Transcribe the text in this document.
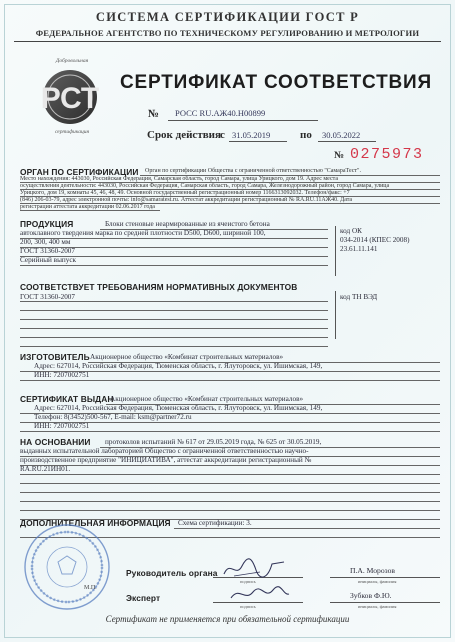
СИСТЕМА СЕРТИФИКАЦИИ ГОСТ Р
ФЕДЕРАЛЬНОЕ АГЕНТСТВО ПО ТЕХНИЧЕСКОМУ РЕГУЛИРОВАНИЮ И МЕТРОЛОГИИ
Добровольная
РСТ
сертификация
СЕРТИФИКАТ СООТВЕТСТВИЯ
№ РОСС RU.АЖ40.Н00899
Срок действия с 31.05.2019	по 30.05.2022
№ 0275973
ОРГАН ПО СЕРТИФИКАЦИИ Орган по сертификации Общества с ограниченной ответственностью "СамараТест".
Место нахождения: 443030, Российская Федерация, Самарская область, город Самара, улица Урицкого, дом 19. Адрес места
осуществления деятельности: 443030, Российская Федерация, Самарская область, город Самара, Железнодорожный район, город Самара, улица
Урицкого, дом 19, комнаты 45, 46, 48, 49. Основной государственный регистрационный номер 1166313092032. Телефон/факс: +7
(846) 206-03-79, адрес электронной почты: info@samaratest.ru. Аттестат аккредитации регистрационный № RA.RU.11АЖ40. Дата
регистрации аттестата аккредитации 02.06.2017 года
ПРОДУКЦИЯ	Блоки стеновые неармированные из ячеистого бетона
автоклавного твердения марка по средней плотности D500, D600, шириной 100,
200, 300, 400 мм
ГОСТ 31360-2007
Серийный выпуск
код ОК
034-2014 (КПЕС 2008)
23.61.11.141
СООТВЕТСТВУЕТ ТРЕБОВАНИЯМ НОРМАТИВНЫХ ДОКУМЕНТОВ
ГОСТ 31360-2007	код ТН ВЭД
ИЗГОТОВИТЕЛЬ Акционерное общество «Комбинат строительных материалов»
Адрес: 627014, Российская Федерация, Тюменская область, г. Ялуторовск, ул. Ишимская, 149,
ИНН: 7207002751
СЕРТИФИКАТ ВЫДАН
Акционерное общество «Комбинат строительных материалов»
Адрес: 627014, Российская Федерация, Тюменская область, г. Ялуторовск, ул. Ишимская, 149,
Телефон: 8(3452)500-567, E-mail: ksm@partner72.ru
ИНН: 7207002751
НА ОСНОВАНИИ протоколов испытаний № 617 от 29.05.2019 года, № 625 от 30.05.2019,
выданных испытательной лабораторией Общество с ограниченной ответственностью научно-
производственное предприятие "ИНИЦИАТИВА", аттестат аккредитации регистрационный №
RA.RU.21ИН01.
ДОПОЛНИТЕЛЬНАЯ ИНФОРМАЦИЯ Схема сертификации: 3.
М.П.
Руководитель органа
подпись
П.А. Морозов
инициалы, фамилия
Эксперт
подпись
Зубков Ф.Ю.
инициалы, фамилия
Сертификат не применяется при обязательной сертификации
